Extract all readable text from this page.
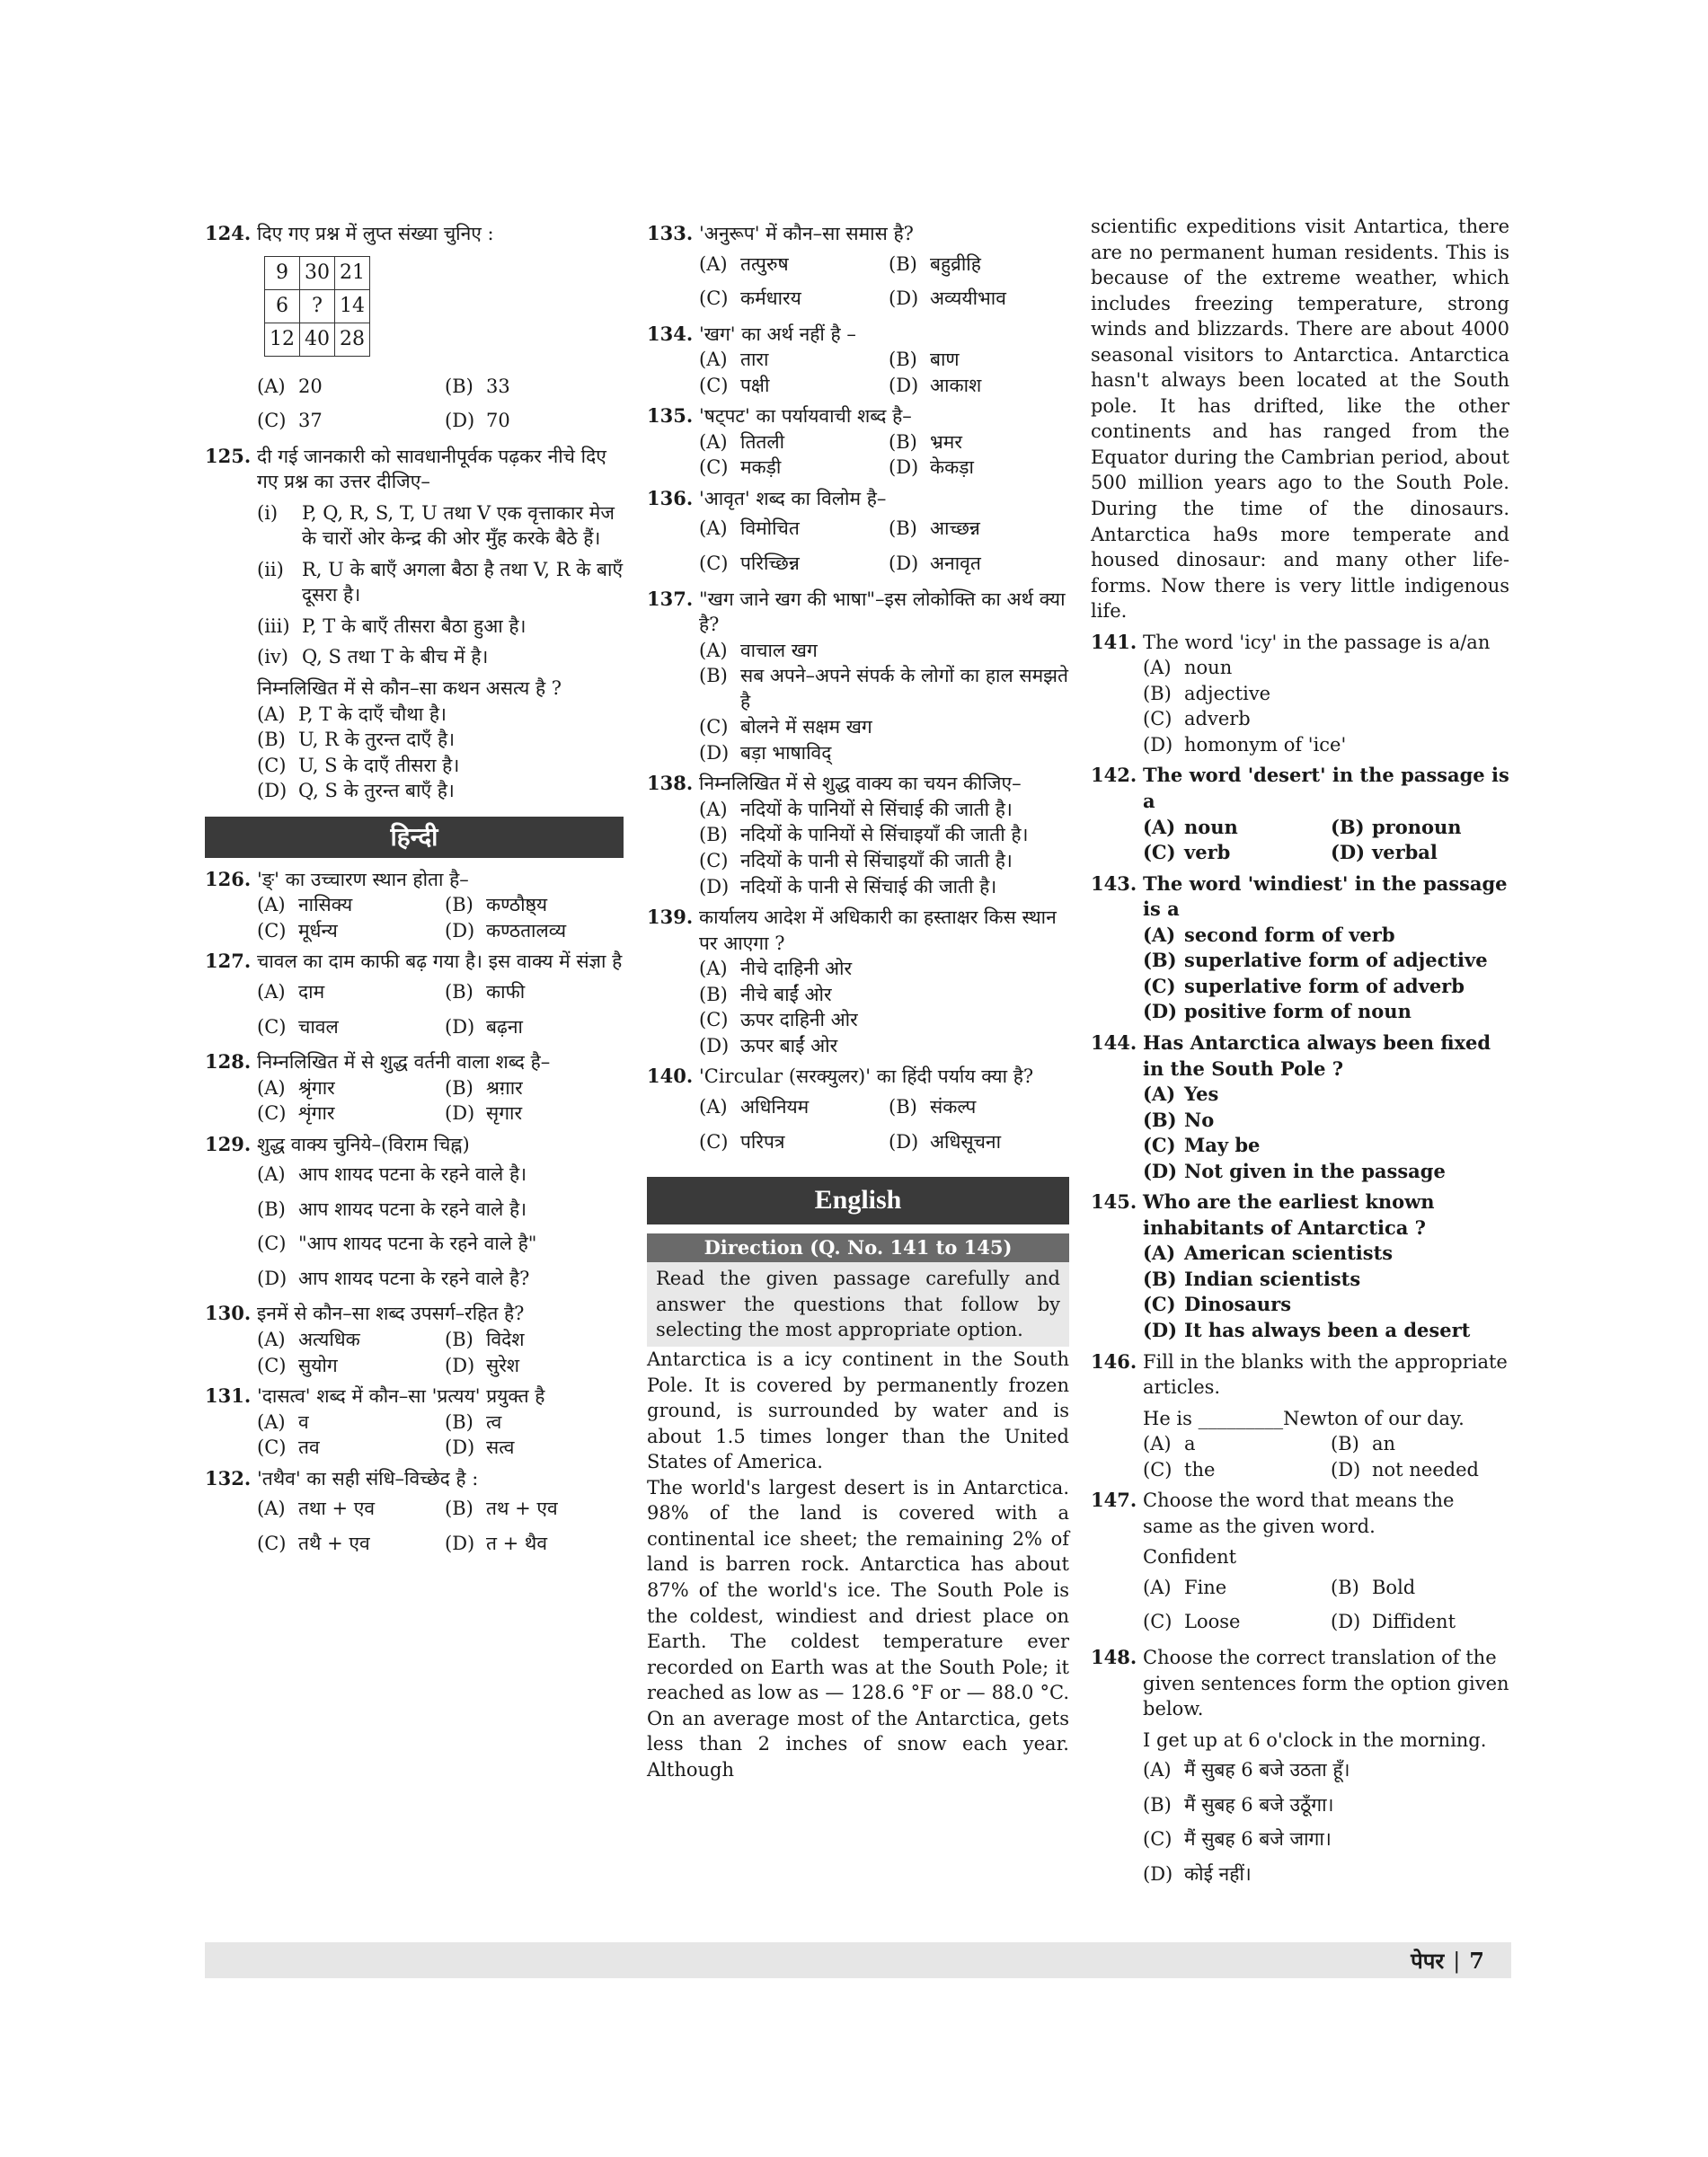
124. दिए गए प्रश्न में लुप्त संख्या चुनिए :
9	30	21
6	?	14
12	40	28
(A) 20	(B) 33
(C) 37	(D) 70
125. दी गई जानकारी को सावधानीपूर्वक पढ़कर नीचे दिए गए प्रश्न का उत्तर दीजिए–
(i)	P, Q, R, S, T, U तथा V एक वृत्ताकार मेज के चारों ओर केन्द्र की ओर मुँह करके बैठे हैं।
(ii) R, U के बाएँ अगला बैठा है तथा V, R के बाएँ दूसरा है।
(iii) P, T के बाएँ तीसरा बैठा हुआ है।
(iv) Q, S तथा T के बीच में है।
निम्नलिखित में से कौन–सा कथन असत्य है ?
(A) P, T के दाएँ चौथा है।
(B) U, R के तुरन्त दाएँ है।
(C) U, S के दाएँ तीसरा है।
(D) Q, S के तुरन्त बाएँ है।
हिन्दी
126. 'ङ्' का उच्चारण स्थान होता है–
(A) नासिक्य	(B) कण्ठौष्ठ्य
(C) मूर्धन्य	(D) कण्ठतालव्य
127. चावल का दाम काफी बढ़ गया है। इस वाक्य में संज्ञा है
(A) दाम	(B) काफी
(C) चावल	(D) बढ़ना
128. निम्नलिखित में से शुद्ध वर्तनी वाला शब्द है–
(A) श्रृंगार	(B) श्रग़ार
(C) शृंगार	(D) सृगार
129. शुद्ध वाक्य चुनिये–(विराम चिह्न)
(A) आप शायद पटना के रहने वाले है।
(B) आप शायद पटना के रहने वाले है।
(C) "आप शायद पटना के रहने वाले है"
(D) आप शायद पटना के रहने वाले है?
130. इनमें से कौन–सा शब्द उपसर्ग–रहित है?
(A) अत्यधिक	(B) विदेश
(C) सुयोग	(D) सुरेश
131. 'दासत्व' शब्द में कौन–सा 'प्रत्यय' प्रयुक्त है
(A) व	(B) त्व
(C) तव	(D) सत्व
132. 'तथैव' का सही संधि–विच्छेद है :
(A) तथा + एव	(B) तथ + एव
(C) तथै + एव	(D) त + थैव
133. 'अनुरूप' में कौन–सा समास है?
(A) तत्पुरुष	(B) बहुव्रीहि
(C) कर्मधारय	(D) अव्ययीभाव
134. 'खग' का अर्थ नहीं है –
(A) तारा	(B) बाण
(C) पक्षी	(D) आकाश
135. 'षट्पट' का पर्यायवाची शब्द है–
(A) तितली	(B) भ्रमर
(C) मकड़ी	(D) केकड़ा
136. 'आवृत' शब्द का विलोम है–
(A) विमोचित	(B) आच्छन्न
(C) परिच्छिन्न	(D) अनावृत
137. "खग जाने खग की भाषा"–इस लोकोक्ति का अर्थ क्या है?
(A) वाचाल खग
(B) सब अपने–अपने संपर्क के लोगों का हाल समझते है
(C) बोलने में सक्षम खग
(D) बड़ा भाषाविद्
138. निम्नलिखित में से शुद्ध वाक्य का चयन कीजिए–
(A) नदियों के पानियों से सिंचाई की जाती है।
(B) नदियों के पानियों से सिंचाइयाँ की जाती है।
(C) नदियों के पानी से सिंचाइयाँ की जाती है।
(D) नदियों के पानी से सिंचाई की जाती है।
139. कार्यालय आदेश में अधिकारी का हस्ताक्षर किस स्थान पर आएगा ?
(A) नीचे दाहिनी ओर
(B) नीचे बाईं ओर
(C) ऊपर दाहिनी ओर
(D) ऊपर बाईं ओर
140. 'Circular (सरक्युलर)' का हिंदी पर्याय क्या है?
(A) अधिनियम	(B) संकल्प
(C) परिपत्र	(D) अधिसूचना
English
Direction (Q. No. 141 to 145)
Read the given passage carefully and answer the questions that follow by selecting the most appropriate option.
Antarctica is a icy continent in the South Pole. It is covered by permanently frozen ground, is surrounded by water and is about 1.5 times longer than the United States of America.
The world's largest desert is in Antarctica. 98% of the land is covered with a continental ice sheet; the remaining 2% of land is barren rock. Antarctica has about 87% of the world's ice. The South Pole is the coldest, windiest and driest place on Earth. The coldest temperature ever recorded on Earth was at the South Pole; it reached as low as — 128.6 °F or — 88.0 °C. On an average most of the Antarctica, gets less than 2 inches of snow each year. Although
scientific expeditions visit Antartica, there are no permanent human residents. This is because of the extreme weather, which includes freezing temperature, strong winds and blizzards. There are about 4000 seasonal visitors to Antarctica. Antarctica hasn't always been located at the South pole. It has drifted, like the other continents and has ranged from the Equator during the Cambrian period, about 500 million years ago to the South Pole. During the time of the dinosaurs. Antarctica ha9s more temperate and housed dinosaur: and many other life-forms. Now there is very little indigenous life.
141. The word 'icy' in the passage is a/an
(A) noun
(B) adjective
(C) adverb
(D) homonym of 'ice'
142. The word 'desert' in the passage is a
(A) noun	(B) pronoun
(C) verb	(D) verbal
143. The word 'windiest' in the passage is a
(A) second form of verb
(B) superlative form of adjective
(C) superlative form of adverb
(D) positive form of noun
144. Has Antarctica always been fixed in the South Pole ?
(A) Yes
(B) No
(C) May be
(D) Not given in the passage
145. Who are the earliest known inhabitants of Antarctica ?
(A) American scientists
(B) Indian scientists
(C) Dinosaurs
(D) It has always been a desert
146. Fill in the blanks with the appropriate articles.
He is _________Newton of our day.
(A) a	(B) an
(C) the	(D) not needed
147. Choose the word that means the same as the given word.
Confident
(A) Fine	(B) Bold
(C) Loose	(D) Diffident
148. Choose the correct translation of the given sentences form the option given below.
I get up at 6 o'clock in the morning.
(A) मैं सुबह 6 बजे उठता हूँ।
(B) मैं सुबह 6 बजे उठूँगा।
(C) मैं सुबह 6 बजे जागा।
(D) कोई नहीं।
पेपर | 7
